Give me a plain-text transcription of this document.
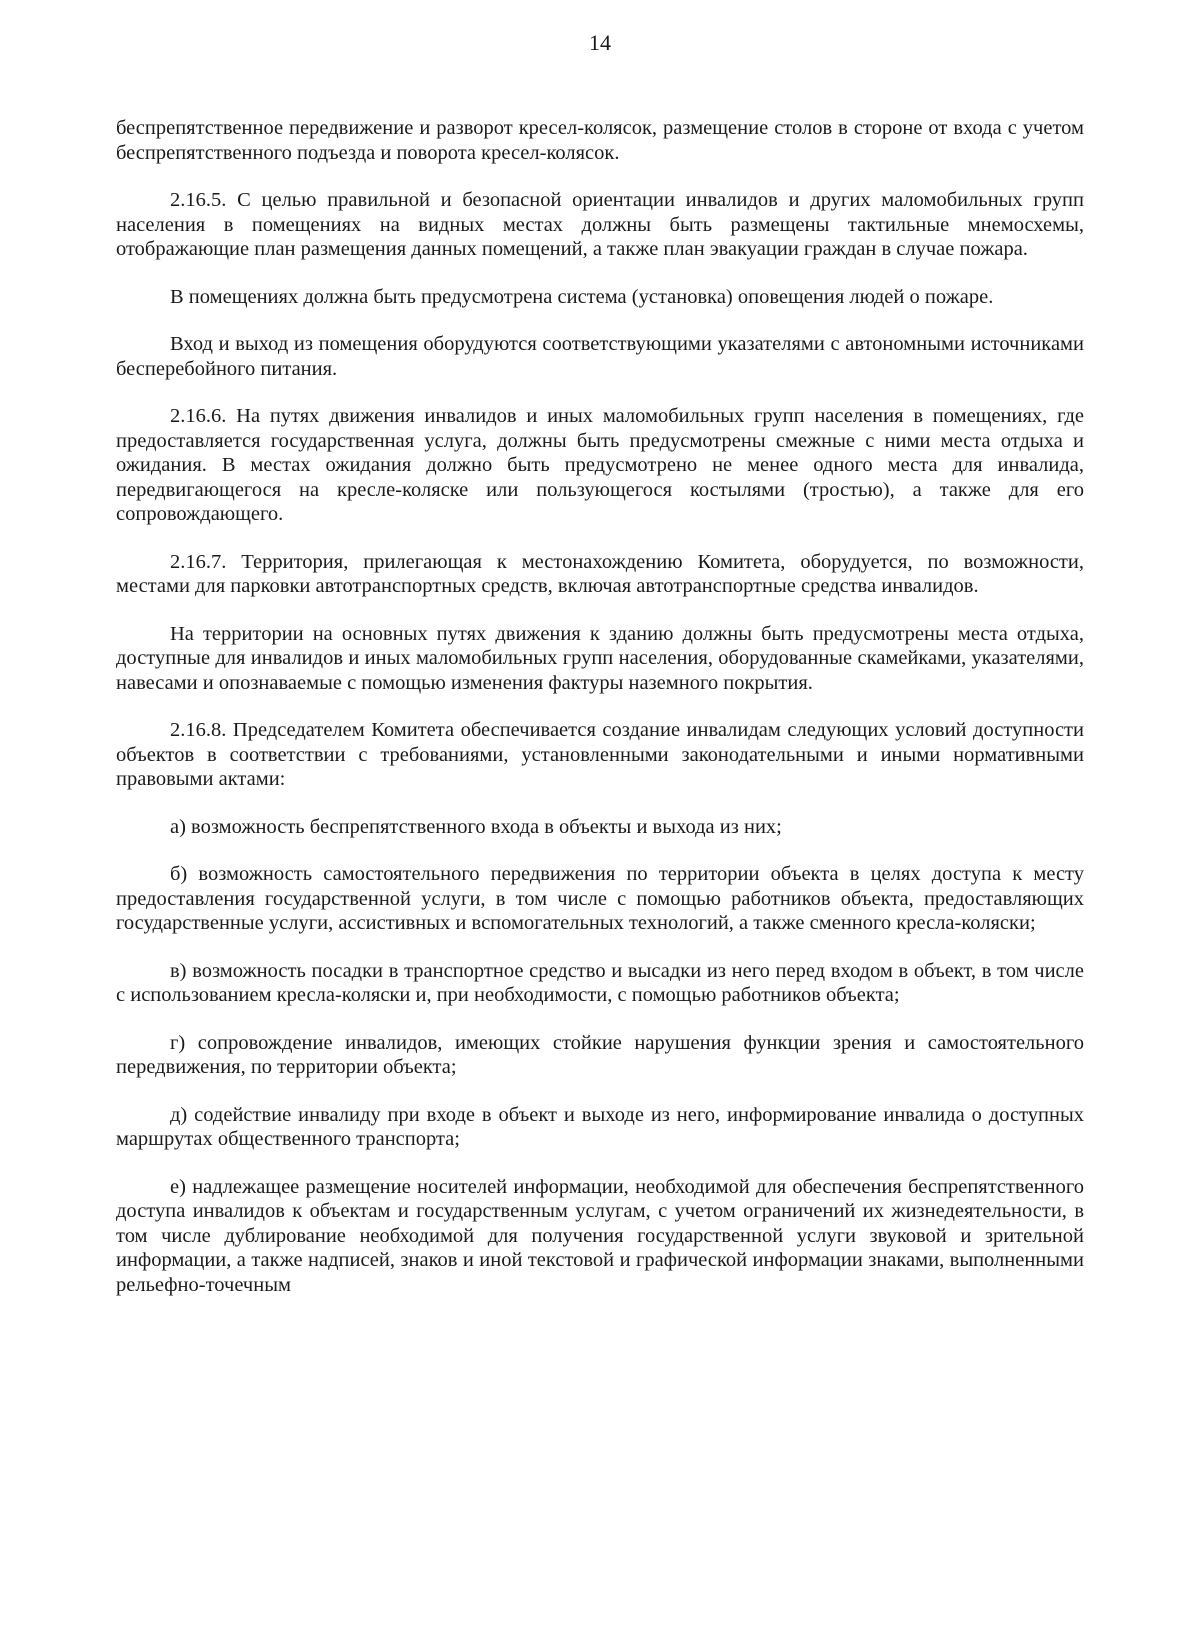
14

беспрепятственное передвижение и разворот кресел-колясок, размещение столов в стороне от входа с учетом беспрепятственного подъезда и поворота кресел-колясок.

2.16.5. С целью правильной и безопасной ориентации инвалидов и других маломобильных групп населения в помещениях на видных местах должны быть размещены тактильные мнемосхемы, отображающие план размещения данных помещений, а также план эвакуации граждан в случае пожара.

В помещениях должна быть предусмотрена система (установка) оповещения людей о пожаре.

Вход и выход из помещения оборудуются соответствующими указателями с автономными источниками бесперебойного питания.

2.16.6. На путях движения инвалидов и иных маломобильных групп населения в помещениях, где предоставляется государственная услуга, должны быть предусмотрены смежные с ними места отдыха и ожидания. В местах ожидания должно быть предусмотрено не менее одного места для инвалида, передвигающегося на кресле-коляске или пользующегося костылями (тростью), а также для его сопровождающего.

2.16.7. Территория, прилегающая к местонахождению Комитета, оборудуется, по возможности, местами для парковки автотранспортных средств, включая автотранспортные средства инвалидов.

На территории на основных путях движения к зданию должны быть предусмотрены места отдыха, доступные для инвалидов и иных маломобильных групп населения, оборудованные скамейками, указателями, навесами и опознаваемые с помощью изменения фактуры наземного покрытия.

2.16.8. Председателем Комитета обеспечивается создание инвалидам следующих условий доступности объектов в соответствии с требованиями, установленными законодательными и иными нормативными правовыми актами:

а) возможность беспрепятственного входа в объекты и выхода из них;

б) возможность самостоятельного передвижения по территории объекта в целях доступа к месту предоставления государственной услуги, в том числе с помощью работников объекта, предоставляющих государственные услуги, ассистивных и вспомогательных технологий, а также сменного кресла-коляски;

в) возможность посадки в транспортное средство и высадки из него перед входом в объект, в том числе с использованием кресла-коляски и, при необходимости, с помощью работников объекта;

г) сопровождение инвалидов, имеющих стойкие нарушения функции зрения и самостоятельного передвижения, по территории объекта;

д) содействие инвалиду при входе в объект и выходе из него, информирование инвалида о доступных маршрутах общественного транспорта;

е) надлежащее размещение носителей информации, необходимой для обеспечения беспрепятственного доступа инвалидов к объектам и государственным услугам, с учетом ограничений их жизнедеятельности, в том числе дублирование необходимой для получения государственной услуги звуковой и зрительной информации, а также надписей, знаков и иной текстовой и графической информации знаками, выполненными рельефно-точечным
